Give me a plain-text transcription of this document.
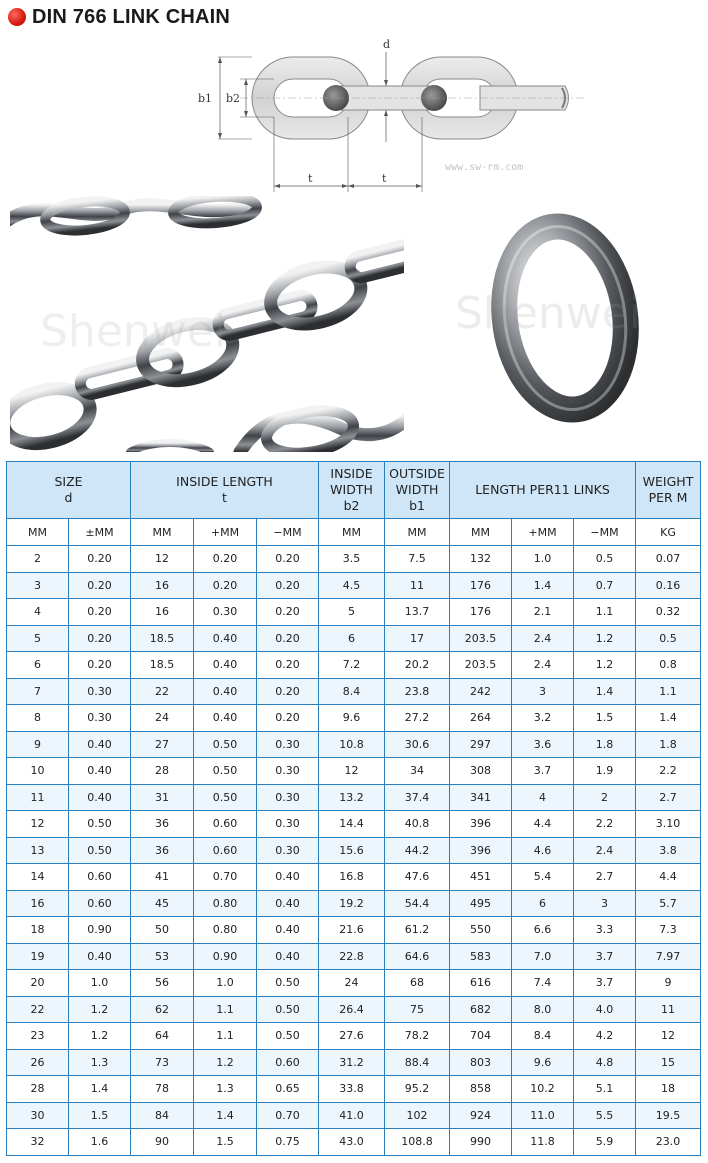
DIN 766 LINK CHAIN
d
b1 b2
t	t
www.sw-rm.com
Shenwei	Shenwei
SIZE
d		INSIDE LENGTH
t			INSIDE
WIDTH
b2	OUTSIDE
WIDTH
b1	LENGTH PER11 LINKS			WEIGHT
PER M
MM	±MM	MM	+MM	−MM	MM	MM	MM	+MM	−MM	KG
2	0.20	12	0.20	0.20	3.5	7.5	132	1.0	0.5	0.07
3	0.20	16	0.20	0.20	4.5	11	176	1.4	0.7	0.16
4	0.20	16	0.30	0.20	5	13.7	176	2.1	1.1	0.32
5	0.20	18.5	0.40	0.20	6	17	203.5	2.4	1.2	0.5
6	0.20	18.5	0.40	0.20	7.2	20.2	203.5	2.4	1.2	0.8
7	0.30	22	0.40	0.20	8.4	23.8	242	3	1.4	1.1
8	0.30	24	0.40	0.20	9.6	27.2	264	3.2	1.5	1.4
9	0.40	27	0.50	0.30	10.8	30.6	297	3.6	1.8	1.8
10	0.40	28	0.50	0.30	12	34	308	3.7	1.9	2.2
11	0.40	31	0.50	0.30	13.2	37.4	341	4	2	2.7
12	0.50	36	0.60	0.30	14.4	40.8	396	4.4	2.2	3.10
13	0.50	36	0.60	0.30	15.6	44.2	396	4.6	2.4	3.8
14	0.60	41	0.70	0.40	16.8	47.6	451	5.4	2.7	4.4
16	0.60	45	0.80	0.40	19.2	54.4	495	6	3	5.7
18	0.90	50	0.80	0.40	21.6	61.2	550	6.6	3.3	7.3
19	0.40	53	0.90	0.40	22.8	64.6	583	7.0	3.7	7.97
20	1.0	56	1.0	0.50	24	68	616	7.4	3.7	9
22	1.2	62	1.1	0.50	26.4	75	682	8.0	4.0	11
23	1.2	64	1.1	0.50	27.6	78.2	704	8.4	4.2	12
26	1.3	73	1.2	0.60	31.2	88.4	803	9.6	4.8	15
28	1.4	78	1.3	0.65	33.8	95.2	858	10.2	5.1	18
30	1.5	84	1.4	0.70	41.0	102	924	11.0	5.5	19.5
32	1.6	90	1.5	0.75	43.0	108.8	990	11.8	5.9	23.0
